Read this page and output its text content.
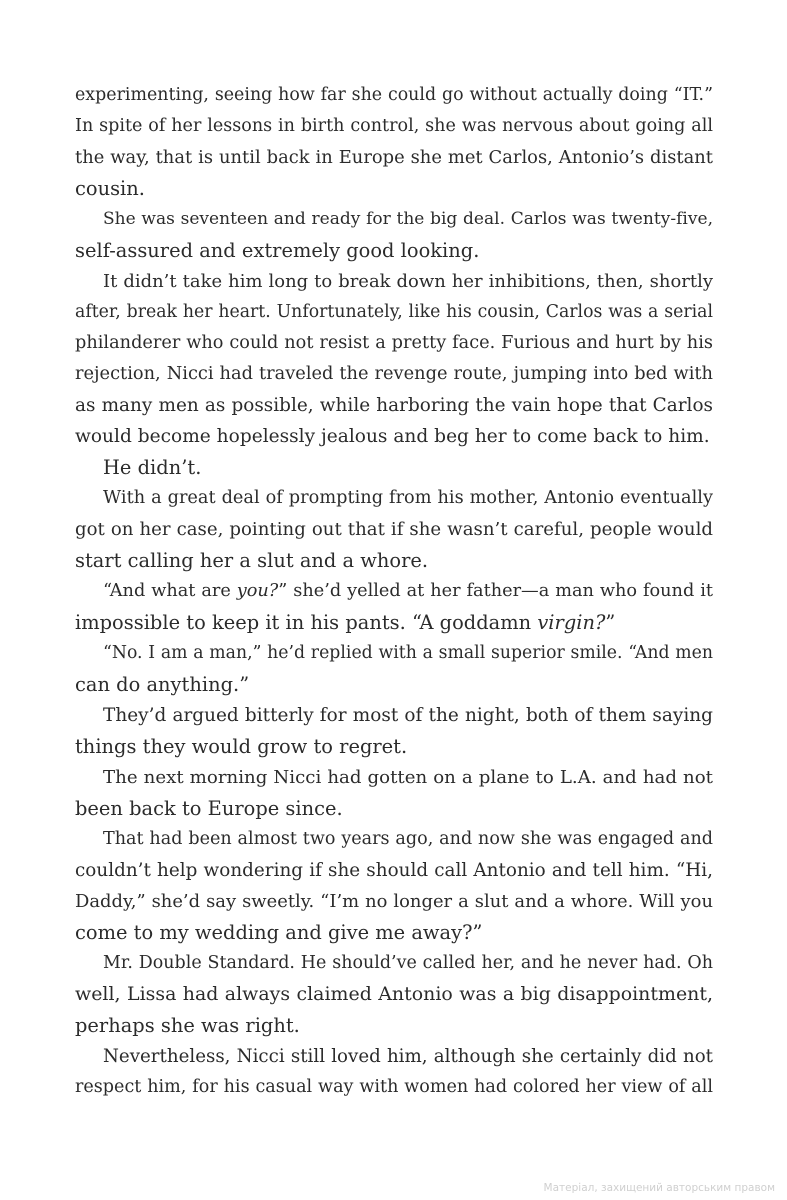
experimenting, seeing how far she could go without actually doing “IT.”
In spite of her lessons in birth control, she was nervous about going all
the way, that is until back in Europe she met Carlos, Antonio’s distant
cousin.
She was seventeen and ready for the big deal. Carlos was twenty-five,
self-assured and extremely good looking.
It didn’t take him long to break down her inhibitions, then, shortly
after, break her heart. Unfortunately, like his cousin, Carlos was a serial
philanderer who could not resist a pretty face. Furious and hurt by his
rejection, Nicci had traveled the revenge route, jumping into bed with
as many men as possible, while harboring the vain hope that Carlos
would become hopelessly jealous and beg her to come back to him.
He didn’t.
With a great deal of prompting from his mother, Antonio eventually
got on her case, pointing out that if she wasn’t careful, people would
start calling her a slut and a whore.
“And what are you?” she’d yelled at her father—a man who found it
impossible to keep it in his pants. “A goddamn virgin?”
“No. I am a man,” he’d replied with a small superior smile. “And men
can do anything.”
They’d argued bitterly for most of the night, both of them saying
things they would grow to regret.
The next morning Nicci had gotten on a plane to L.A. and had not
been back to Europe since.
That had been almost two years ago, and now she was engaged and
couldn’t help wondering if she should call Antonio and tell him. “Hi,
Daddy,” she’d say sweetly. “I’m no longer a slut and a whore. Will you
come to my wedding and give me away?”
Mr. Double Standard. He should’ve called her, and he never had. Oh
well, Lissa had always claimed Antonio was a big disappointment,
perhaps she was right.
Nevertheless, Nicci still loved him, although she certainly did not
respect him, for his casual way with women had colored her view of all
Матеріал, захищений авторським правом
